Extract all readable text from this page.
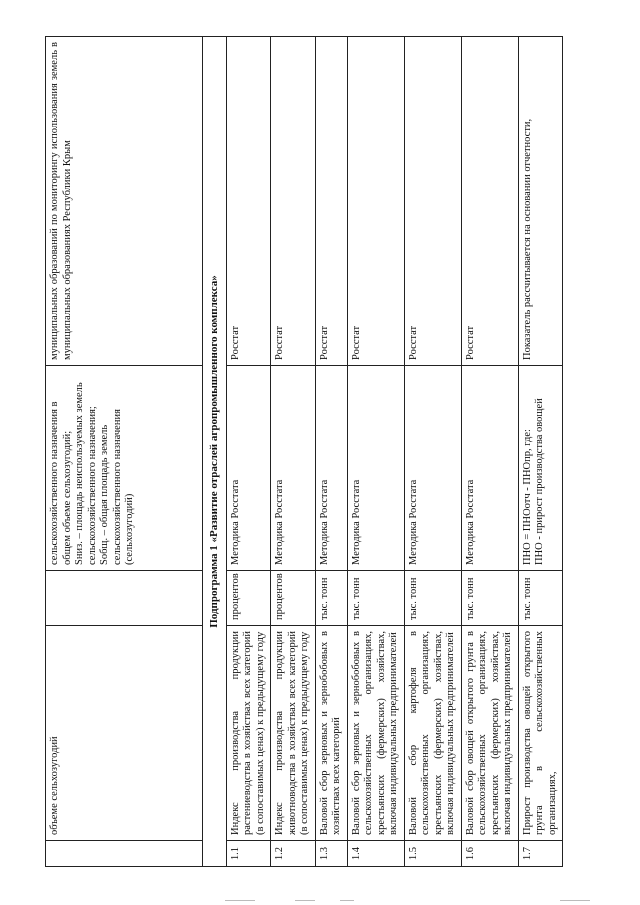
	объеме сельхозугодий		сельскохозяйственного назначения в общем объеме сельхозугодий;
Sниз. – площадь неиспользуемых земель сельскохозяйственного назначения;
Sобщ. – общая площадь земель сельскохозяйственного назначения (сельхозугодий)	муниципальных образований по мониторингу использования земель в муниципальных образованиях Республики Крым
Подпрограмма 1 «Развитие отраслей агропромышленного комплекса»				
1.1	Индекс производства продукции растениеводства в хозяйствах всех категорий (в сопоставимых ценах) к предыдущему году	процентов	Методика Росстата	Росстат
1.2	Индекс производства продукции животноводства в хозяйствах всех категорий (в сопоставимых ценах) к предыдущему году	процентов	Методика Росстата	Росстат
1.3	Валовой сбор зерновых и зернобобовых в хозяйствах всех категорий	тыс. тонн	Методика Росстата	Росстат
1.4	Валовой сбор зерновых и зернобобовых в сельскохозяйственных организациях, крестьянских (фермерских) хозяйствах, включая индивидуальных предпринимателей	тыс. тонн	Методика Росстата	Росстат
1.5	Валовой сбор картофеля в сельскохозяйственных организациях, крестьянских (фермерских) хозяйствах, включая индивидуальных предпринимателей	тыс. тонн	Методика Росстата	Росстат
1.6	Валовой сбор овощей открытого грунта в сельскохозяйственных организациях, крестьянских (фермерских) хозяйствах, включая индивидуальных предпринимателей	тыс. тонн	Методика Росстата	Росстат
1.7	Прирост производства овощей открытого грунта в сельскохозяйственных организациях,	тыс. тонн	ПНО = ПНОотч - ПНОпр, где:
ПНО - прирост производства овощей	Показатель рассчитывается на основании отчетности,
